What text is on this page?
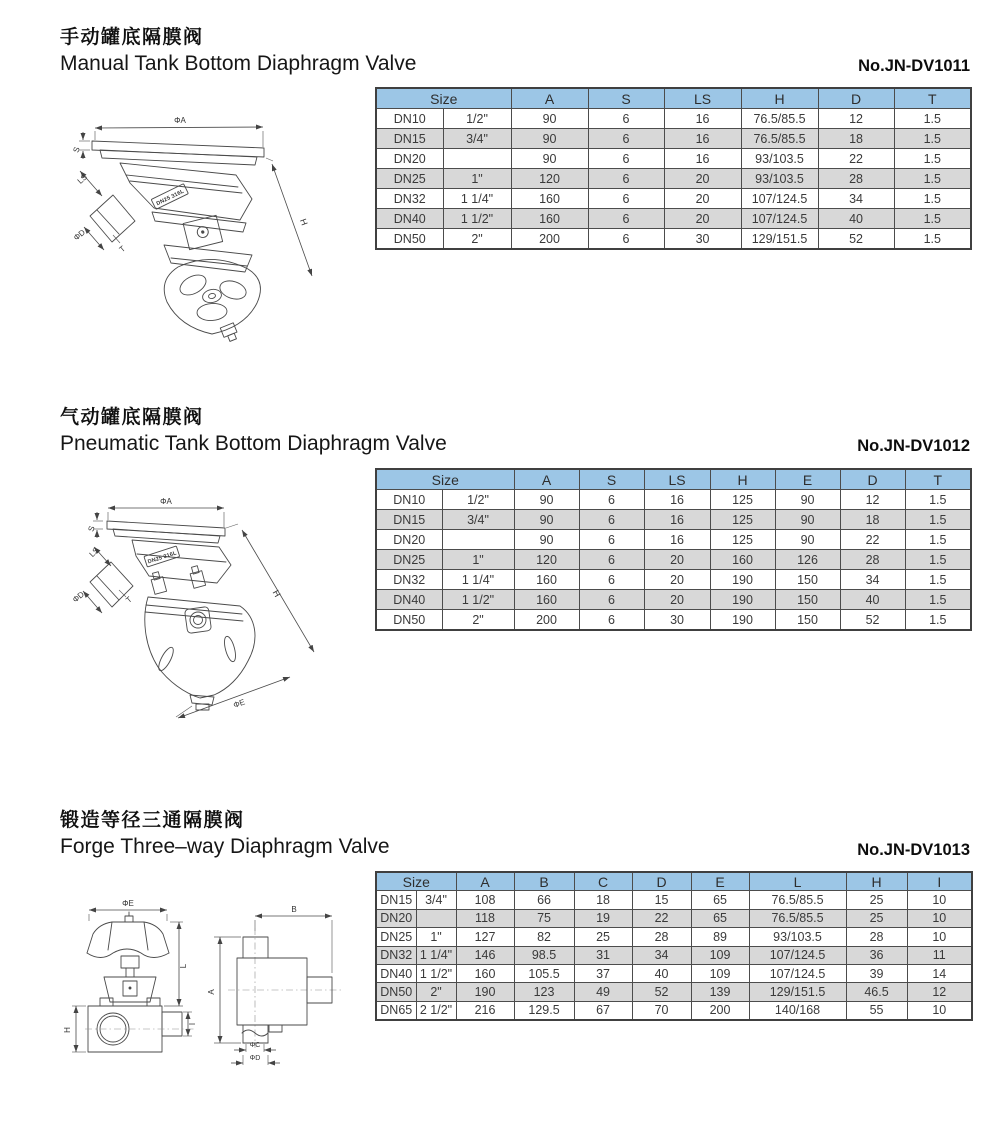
手动罐底隔膜阀
Manual Tank Bottom Diaphragm Valve	No.JN-DV1011
ΦA
S
LS
ΦD
T
H
DN25 316L
Size		A	S	LS	H	D	T
DN10	1/2"	90	6	16	76.5/85.5	12	1.5
DN15	3/4"	90	6	16	76.5/85.5	18	1.5
DN20		90	6	16	93/103.5	22	1.5
DN25	1"	120	6	20	93/103.5	28	1.5
DN32	1 1/4"	160	6	20	107/124.5	34	1.5
DN40	1 1/2"	160	6	20	107/124.5	40	1.5
DN50	2"	200	6	30	129/151.5	52	1.5
气动罐底隔膜阀
Pneumatic Tank Bottom Diaphragm Valve	No.JN-DV1012
ΦA
S
LS
ΦD	T
H
ΦE
DN25 316L
Size		A	S	LS	H	E	D	T
DN10	1/2"	90	6	16	125	90	12	1.5
DN15	3/4"	90	6	16	125	90	18	1.5
DN20		90	6	16	125	90	22	1.5
DN25	1"	120	6	20	160	126	28	1.5
DN32	1 1/4"	160	6	20	190	150	34	1.5
DN40	1 1/2"	160	6	20	190	150	40	1.5
DN50	2"	200	6	30	190	150	52	1.5
锻造等径三通隔膜阀
Forge Three–way Diaphragm Valve	No.JN-DV1013
ΦE
L
H
I
B
A
ΦC
ΦD
Size		A	B	C	D	E	L	H	I
DN15	3/4"	108	66	18	15	65	76.5/85.5	25	10
DN20		118	75	19	22	65	76.5/85.5	25	10
DN25	1"	127	82	25	28	89	93/103.5	28	10
DN32	1 1/4"	146	98.5	31	34	109	107/124.5	36	11
DN40	1 1/2"	160	105.5	37	40	109	107/124.5	39	14
DN50	2"	190	123	49	52	139	129/151.5	46.5	12
DN65	2 1/2"	216	129.5	67	70	200	140/168	55	10
